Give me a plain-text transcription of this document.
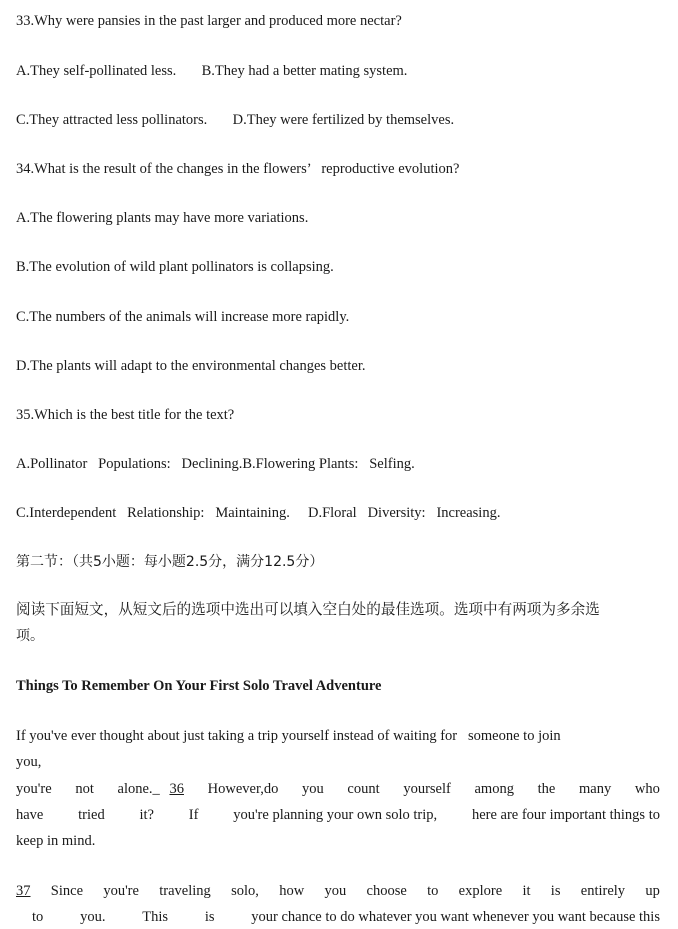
33.Why were pansies in the past larger and produced more nectar?
A.They self-pollinated less. B.They had a better mating system.
C.They attracted less pollinators. D.They were fertilized by themselves.
34.What is the result of the changes in the flowers’   reproductive evolution?
A.The flowering plants may have more variations.
B.The evolution of wild plant pollinators is collapsing.
C.The numbers of the animals will increase more rapidly.
D.The plants will adapt to the environmental changes better.
35.Which is the best title for the text?
A.Pollinator   Populations:   Declining.B.Flowering Plants:   Selfing.
C.Interdependent   Relationship:   Maintaining. D.Floral   Diversity:   Increasing.
第二节：（共5小题：每小题2.5分，满分12.5分）
阅读下面短文，从短文后的选项中选出可以填入空白处的最佳选项。选项中有两项为多余选
项。
Things To Remember On Your First Solo Travel Adventure
If you've ever thought about just taking a trip yourself instead of waiting for   someone to join
you,
you're not alone._ 36 However,do you count yourself among the many who
have tried it? If you're planning your own solo trip, here are four important things to
keep in mind.
37 Since you're traveling solo, how you choose to explore it is entirely up
to	you.	This	is	your chance to do whatever you want whenever you want because this
